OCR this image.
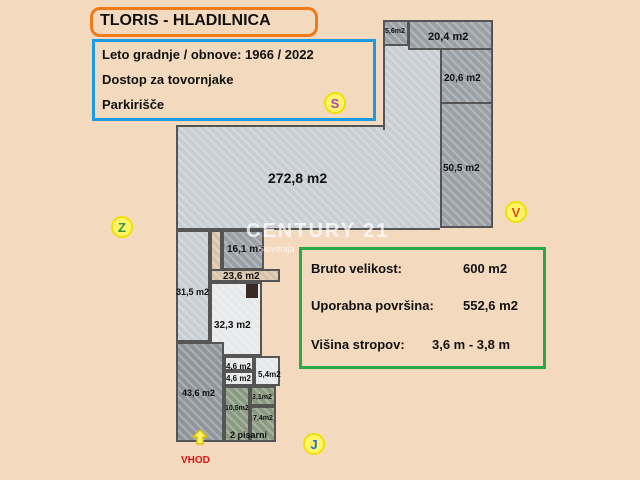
TLORIS - HLADILNICA
272,8 m2
5,6m2 20,4 m2
20,6 m2
50,5 m2
31,5 m2
16,1 m2
23,6 m2
32,3 m2
43,6 m2
4,6 m2
4,6 m2 5,4m2
10,5m2
3,1m2
7,4m2
2 pisarni
Leto gradnje / obnove: 1966 / 2022
Dostop za tovornjake
Parkirišče	S
V
Z
J
CENTURY 21
Slovenija
Bruto velikost:	600 m2
Uporabna površina: 552,6 m2
Višina stropov: 3,6 m - 3,8 m
VHOD
